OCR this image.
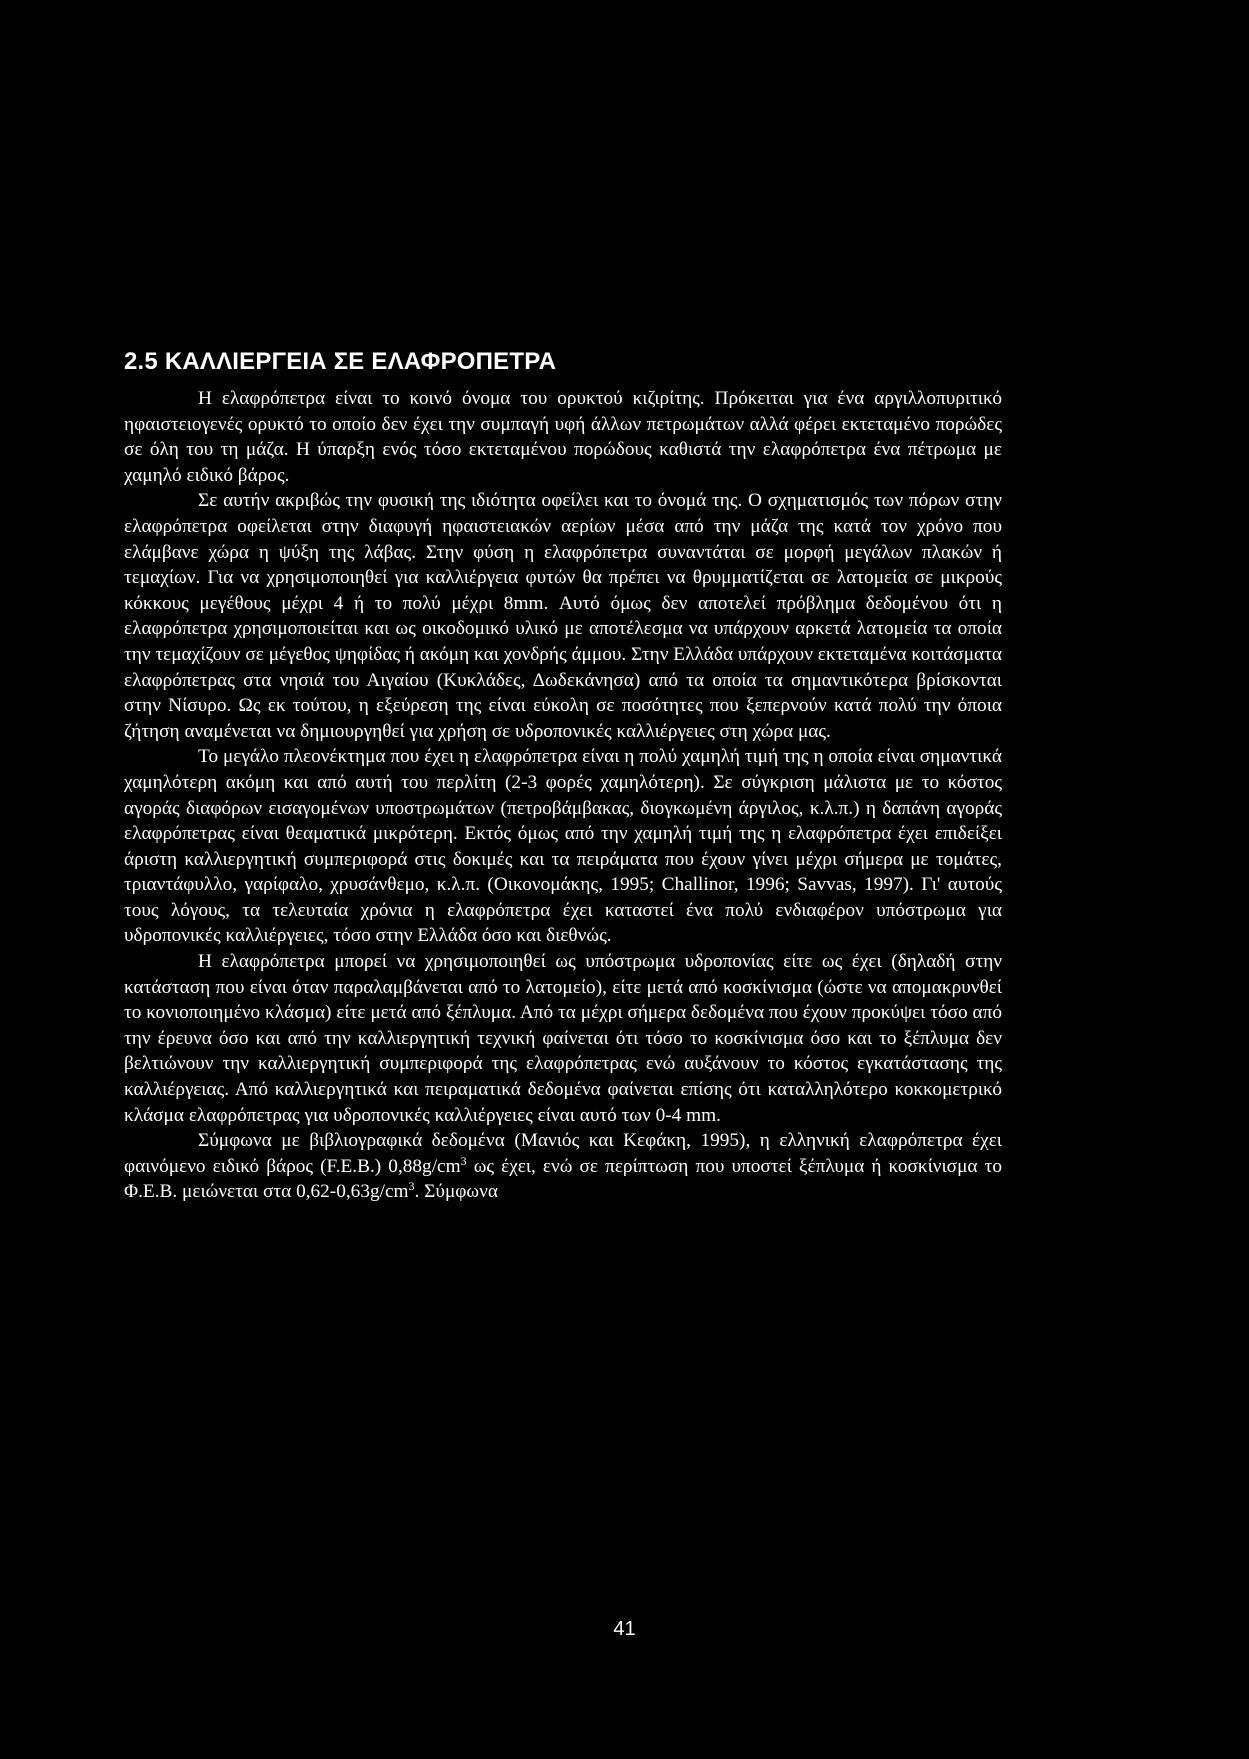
2.5 ΚΑΛΛΙΕΡΓΕΙΑ ΣΕ ΕΛΑΦΡΟΠΕΤΡΑ

Η ελαφρόπετρα είναι το κοινό όνομα του ορυκτού κιζιρίτης. Πρόκειται για ένα αργιλλοπυριτικό ηφαιστειογενές ορυκτό το οποίο δεν έχει την συμπαγή υφή άλλων πετρωμάτων αλλά φέρει εκτεταμένο πορώδες σε όλη του τη μάζα. Η ύπαρξη ενός τόσο εκτεταμένου πορώδους καθιστά την ελαφρόπετρα ένα πέτρωμα με χαμηλό ειδικό βάρος.

Σε αυτήν ακριβώς την φυσική της ιδιότητα οφείλει και το όνομά της. Ο σχηματισμός των πόρων στην ελαφρόπετρα οφείλεται στην διαφυγή ηφαιστειακών αερίων μέσα από την μάζα της κατά τον χρόνο που ελάμβανε χώρα η ψύξη της λάβας. Στην φύση η ελαφρόπετρα συναντάται σε μορφή μεγάλων πλακών ή τεμαχίων. Για να χρησιμοποιηθεί για καλλιέργεια φυτών θα πρέπει να θρυμματίζεται σε λατομεία σε μικρούς κόκκους μεγέθους μέχρι 4 ή το πολύ μέχρι 8mm. Αυτό όμως δεν αποτελεί πρόβλημα δεδομένου ότι η ελαφρόπετρα χρησιμοποιείται και ως οικοδομικό υλικό με αποτέλεσμα να υπάρχουν αρκετά λατομεία τα οποία την τεμαχίζουν σε μέγεθος ψηφίδας ή ακόμη και χονδρής άμμου. Στην Ελλάδα υπάρχουν εκτεταμένα κοιτάσματα ελαφρόπετρας στα νησιά του Αιγαίου (Κυκλάδες, Δωδεκάνησα) από τα οποία τα σημαντικότερα βρίσκονται στην Νίσυρο. Ως εκ τούτου, η εξεύρεση της είναι εύκολη σε ποσότητες που ξεπερνούν κατά πολύ την όποια ζήτηση αναμένεται να δημιουργηθεί για χρήση σε υδροπονικές καλλιέργειες στη χώρα μας.

Το μεγάλο πλεονέκτημα που έχει η ελαφρόπετρα είναι η πολύ χαμηλή τιμή της η οποία είναι σημαντικά χαμηλότερη ακόμη και από αυτή του περλίτη (2-3 φορές χαμηλότερη). Σε σύγκριση μάλιστα με το κόστος αγοράς διαφόρων εισαγομένων υποστρωμάτων (πετροβάμβακας, διογκωμένη άργιλος, κ.λ.π.) η δαπάνη αγοράς ελαφρόπετρας είναι θεαματικά μικρότερη. Εκτός όμως από την χαμηλή τιμή της η ελαφρόπετρα έχει επιδείξει άριστη καλλιεργητική συμπεριφορά στις δοκιμές και τα πειράματα που έχουν γίνει μέχρι σήμερα με τομάτες, τριαντάφυλλο, γαρίφαλο, χρυσάνθεμο, κ.λ.π. (Οικονομάκης, 1995; Challinor, 1996; Savvas, 1997). Γι' αυτούς τους λόγους, τα τελευταία χρόνια η ελαφρόπετρα έχει καταστεί ένα πολύ ενδιαφέρον υπόστρωμα για υδροπονικές καλλιέργειες, τόσο στην Ελλάδα όσο και διεθνώς.

Η ελαφρόπετρα μπορεί να χρησιμοποιηθεί ως υπόστρωμα υδροπονίας είτε ως έχει (δηλαδή στην κατάσταση που είναι όταν παραλαμβάνεται από το λατομείο), είτε μετά από κοσκίνισμα (ώστε να απομακρυνθεί το κονιοποιημένο κλάσμα) είτε μετά από ξέπλυμα. Από τα μέχρι σήμερα δεδομένα που έχουν προκύψει τόσο από την έρευνα όσο και από την καλλιεργητική τεχνική φαίνεται ότι τόσο το κοσκίνισμα όσο και το ξέπλυμα δεν βελτιώνουν την καλλιεργητική συμπεριφορά της ελαφρόπετρας ενώ αυξάνουν το κόστος εγκατάστασης της καλλιέργειας. Από καλλιεργητικά και πειραματικά δεδομένα φαίνεται επίσης ότι καταλληλότερο κοκκομετρικό κλάσμα ελαφρόπετρας για υδροπονικές καλλιέργειες είναι αυτό των 0-4 mm.

Σύμφωνα με βιβλιογραφικά δεδομένα (Μανιός και Κεφάκη, 1995), η ελληνική ελαφρόπετρα έχει φαινόμενο ειδικό βάρος (F.E.B.) $0,88g/cm^3$ ως έχει, ενώ σε περίπτωση που υποστεί ξέπλυμα ή κοσκίνισμα το Φ.Ε.Β. μειώνεται στα $0,62-0,63g/cm^3$. Σύμφωνα

41
